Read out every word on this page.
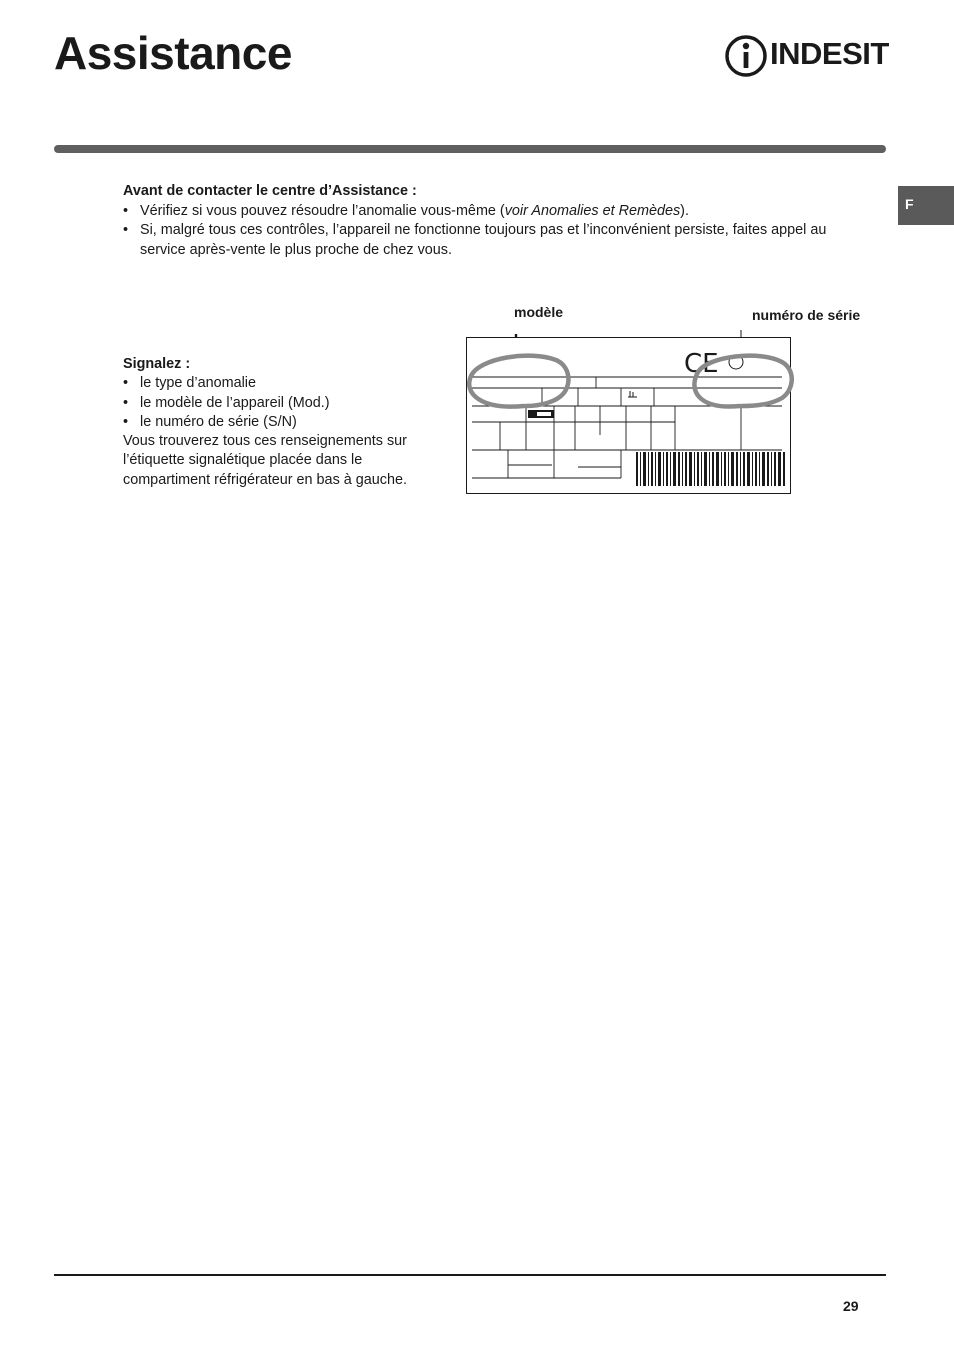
Assistance	INDESIT
F

Avant de contacter le centre d’Assistance :

• Vérifiez si vous pouvez résoudre l’anomalie vous-même (voir Anomalies et Remèdes).
• Si, malgré tous ces contrôles, l’appareil ne fonctionne toujours pas et l’inconvénient persiste, faites appel au service après-vente le plus proche de chez vous.

Signalez :

• le type d’anomalie
• le modèle de l’appareil (Mod.)
• le numéro de série (S/N)

Vous trouverez tous ces renseignements sur l’étiquette signalétique placée dans le compartiment réfrigérateur en bas à gauche.

modèle	numéro de série
CE
29
